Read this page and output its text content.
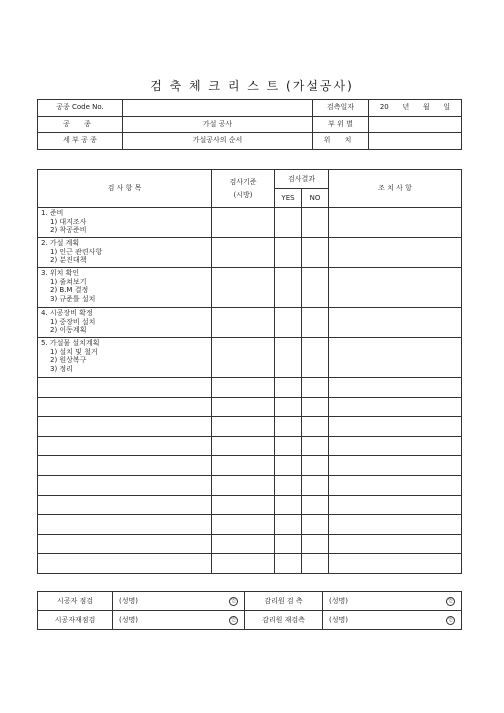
검 축 체 크 리 스 트 (가설공사)
공종 Code No.		검측일자	20 년 월 일

공 종	가설 공사	부 위 별	
세 부 공 종	가설공사의 순서	위 치	
검 사 항 목	검사기준
(시방)	검사결과		조 치 사 항
		YES	NO	

1. 준비
1) 대지조사
2) 착공준비				

2. 가설 계획
1) 인근 관련사항
2) 분진대책				

3. 위치 확인
1) 줄쳐보기
2) B.M 결정
3) 규준틀 설치				

4. 시공장비 확정
1) 중장비 설치
2) 이동계획				

5. 가설물 설치계획
1) 설치 및 철거
2) 원상복구
3) 정리				

시공자 점검	(성명) 인	감리원 검 측	(성명) 인

시공자재점검	(성명) 인	감리원 재검측	(성명) 인
